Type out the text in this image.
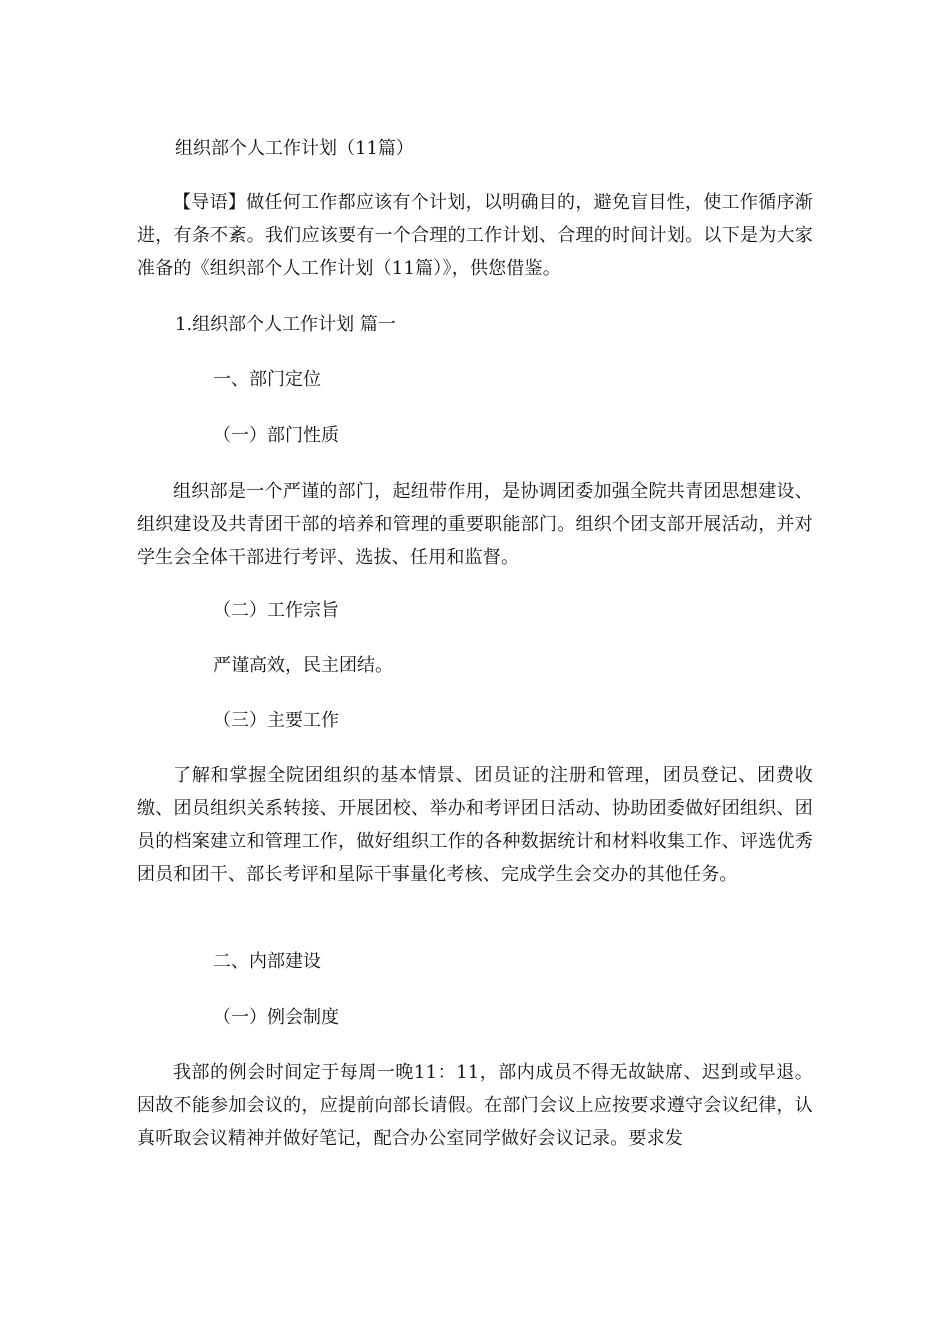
组织部个人工作计划（11篇）
【导语】做任何工作都应该有个计划，以明确目的，避免盲目性，使工作循序渐进，有条不紊。我们应该要有一个合理的工作计划、合理的时间计划。以下是为大家准备的《组织部个人工作计划（11篇）》，供您借鉴。
1.组织部个人工作计划 篇一
一、部门定位
（一）部门性质
组织部是一个严谨的部门，起纽带作用，是协调团委加强全院共青团思想建设、组织建设及共青团干部的培养和管理的重要职能部门。组织个团支部开展活动，并对学生会全体干部进行考评、选拔、任用和监督。
（二）工作宗旨
严谨高效，民主团结。
（三）主要工作
了解和掌握全院团组织的基本情景、团员证的注册和管理，团员登记、团费收缴、团员组织关系转接、开展团校、举办和考评团日活动、协助团委做好团组织、团员的档案建立和管理工作，做好组织工作的各种数据统计和材料收集工作、评选优秀团员和团干、部长考评和星际干事量化考核、完成学生会交办的其他任务。
二、内部建设
（一）例会制度
我部的例会时间定于每周一晚11：11，部内成员不得无故缺席、迟到或早退。因故不能参加会议的，应提前向部长请假。在部门会议上应按要求遵守会议纪律，认真听取会议精神并做好笔记，配合办公室同学做好会议记录。要求发
